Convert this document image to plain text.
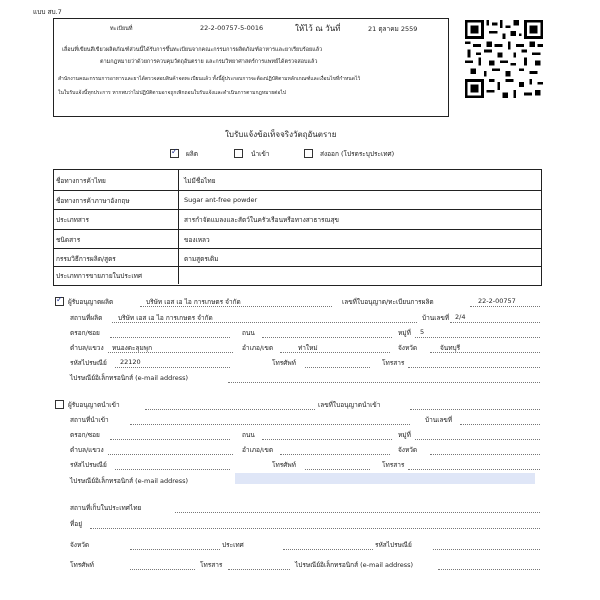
แบบ สบ.7
ทะเบียนที่	22-2-00757-5-0016	ให้ไว้ ณ วันที่	21 ตุลาคม 2559
เลื่อนที่เขียนสีเขียวผลิตภัณฑ์ส่วนนี้ได้รับการขึ้นทะเบียนจากคณะกรรมการผลิตภัณฑ์อาหารและยาเรียบร้อยแล้ว
ตามกฎหมายว่าด้วยการควบคุมวัตถุอันตราย และกรมวิทยาศาสตร์การแพทย์ได้ตรวจสอบแล้ว
สำนักงานคณะกรรมการอาหารและยาได้ตรวจสอบสินค้าจดทะเบียนแล้ว ทั้งนี้ผู้ประกอบการจะต้องปฏิบัติตามหลักเกณฑ์และเงื่อนไขที่กำหนดไว้
ในใบรับแจ้งนี้ทุกประการ หากพบว่าไม่ปฏิบัติตามอาจถูกเพิกถอนใบรับแจ้งและดำเนินการตามกฎหมายต่อไป
ใบรับแจ้งข้อเท็จจริงวัตถุอันตราย
✓
ผลิต	นำเข้า	ส่งออก (โปรดระบุประเทศ)
ชื่อทางการค้าไทย	ไม่มีชื่อไทย
ชื่อทางการค้าภาษาอังกฤษ	Sugar ant-free powder
ประเภทสาร	สารกำจัดแมลงและสัตว์ในครัวเรือนหรือทางสาธารณสุข
ชนิดสาร	ของเหลว
กรรมวิธีการผลิต/สูตร	ตามสูตรเดิม
ประเภทการขายภายในประเทศ
✓
ผู้รับอนุญาตผลิต	บริษัท เอส เอ ไอ การเกษตร จำกัด	เลขที่ใบอนุญาต/ทะเบียนการผลิต	22-2-00757
สถานที่ผลิต บริษัท เอส เอ ไอ การเกษตร จำกัด	บ้านเลขที่ 2/4
ตรอก/ซอย	ถนน	หมู่ที่ 5
ตำบล/แขวง หนองตะลุมพุก	อำเภอ/เขต	ท่าใหม่	จังหวัด	จันทบุรี
รหัสไปรษณีย์ 22120	โทรศัพท์	โทรสาร
ไปรษณีย์อิเล็กทรอนิกส์ (e-mail address)
ผู้รับอนุญาตนำเข้า	เลขที่ใบอนุญาตนำเข้า
สถานที่นำเข้า	บ้านเลขที่
ตรอก/ซอย	ถนน	หมู่ที่
ตำบล/แขวง	อำเภอ/เขต	จังหวัด
รหัสไปรษณีย์	โทรศัพท์	โทรสาร
ไปรษณีย์อิเล็กทรอนิกส์ (e-mail address)
สถานที่เก็บในประเทศไทย
ที่อยู่
จังหวัด	ประเทศ	รหัสไปรษณีย์
โทรศัพท์	โทรสาร	ไปรษณีย์อิเล็กทรอนิกส์ (e-mail address)
